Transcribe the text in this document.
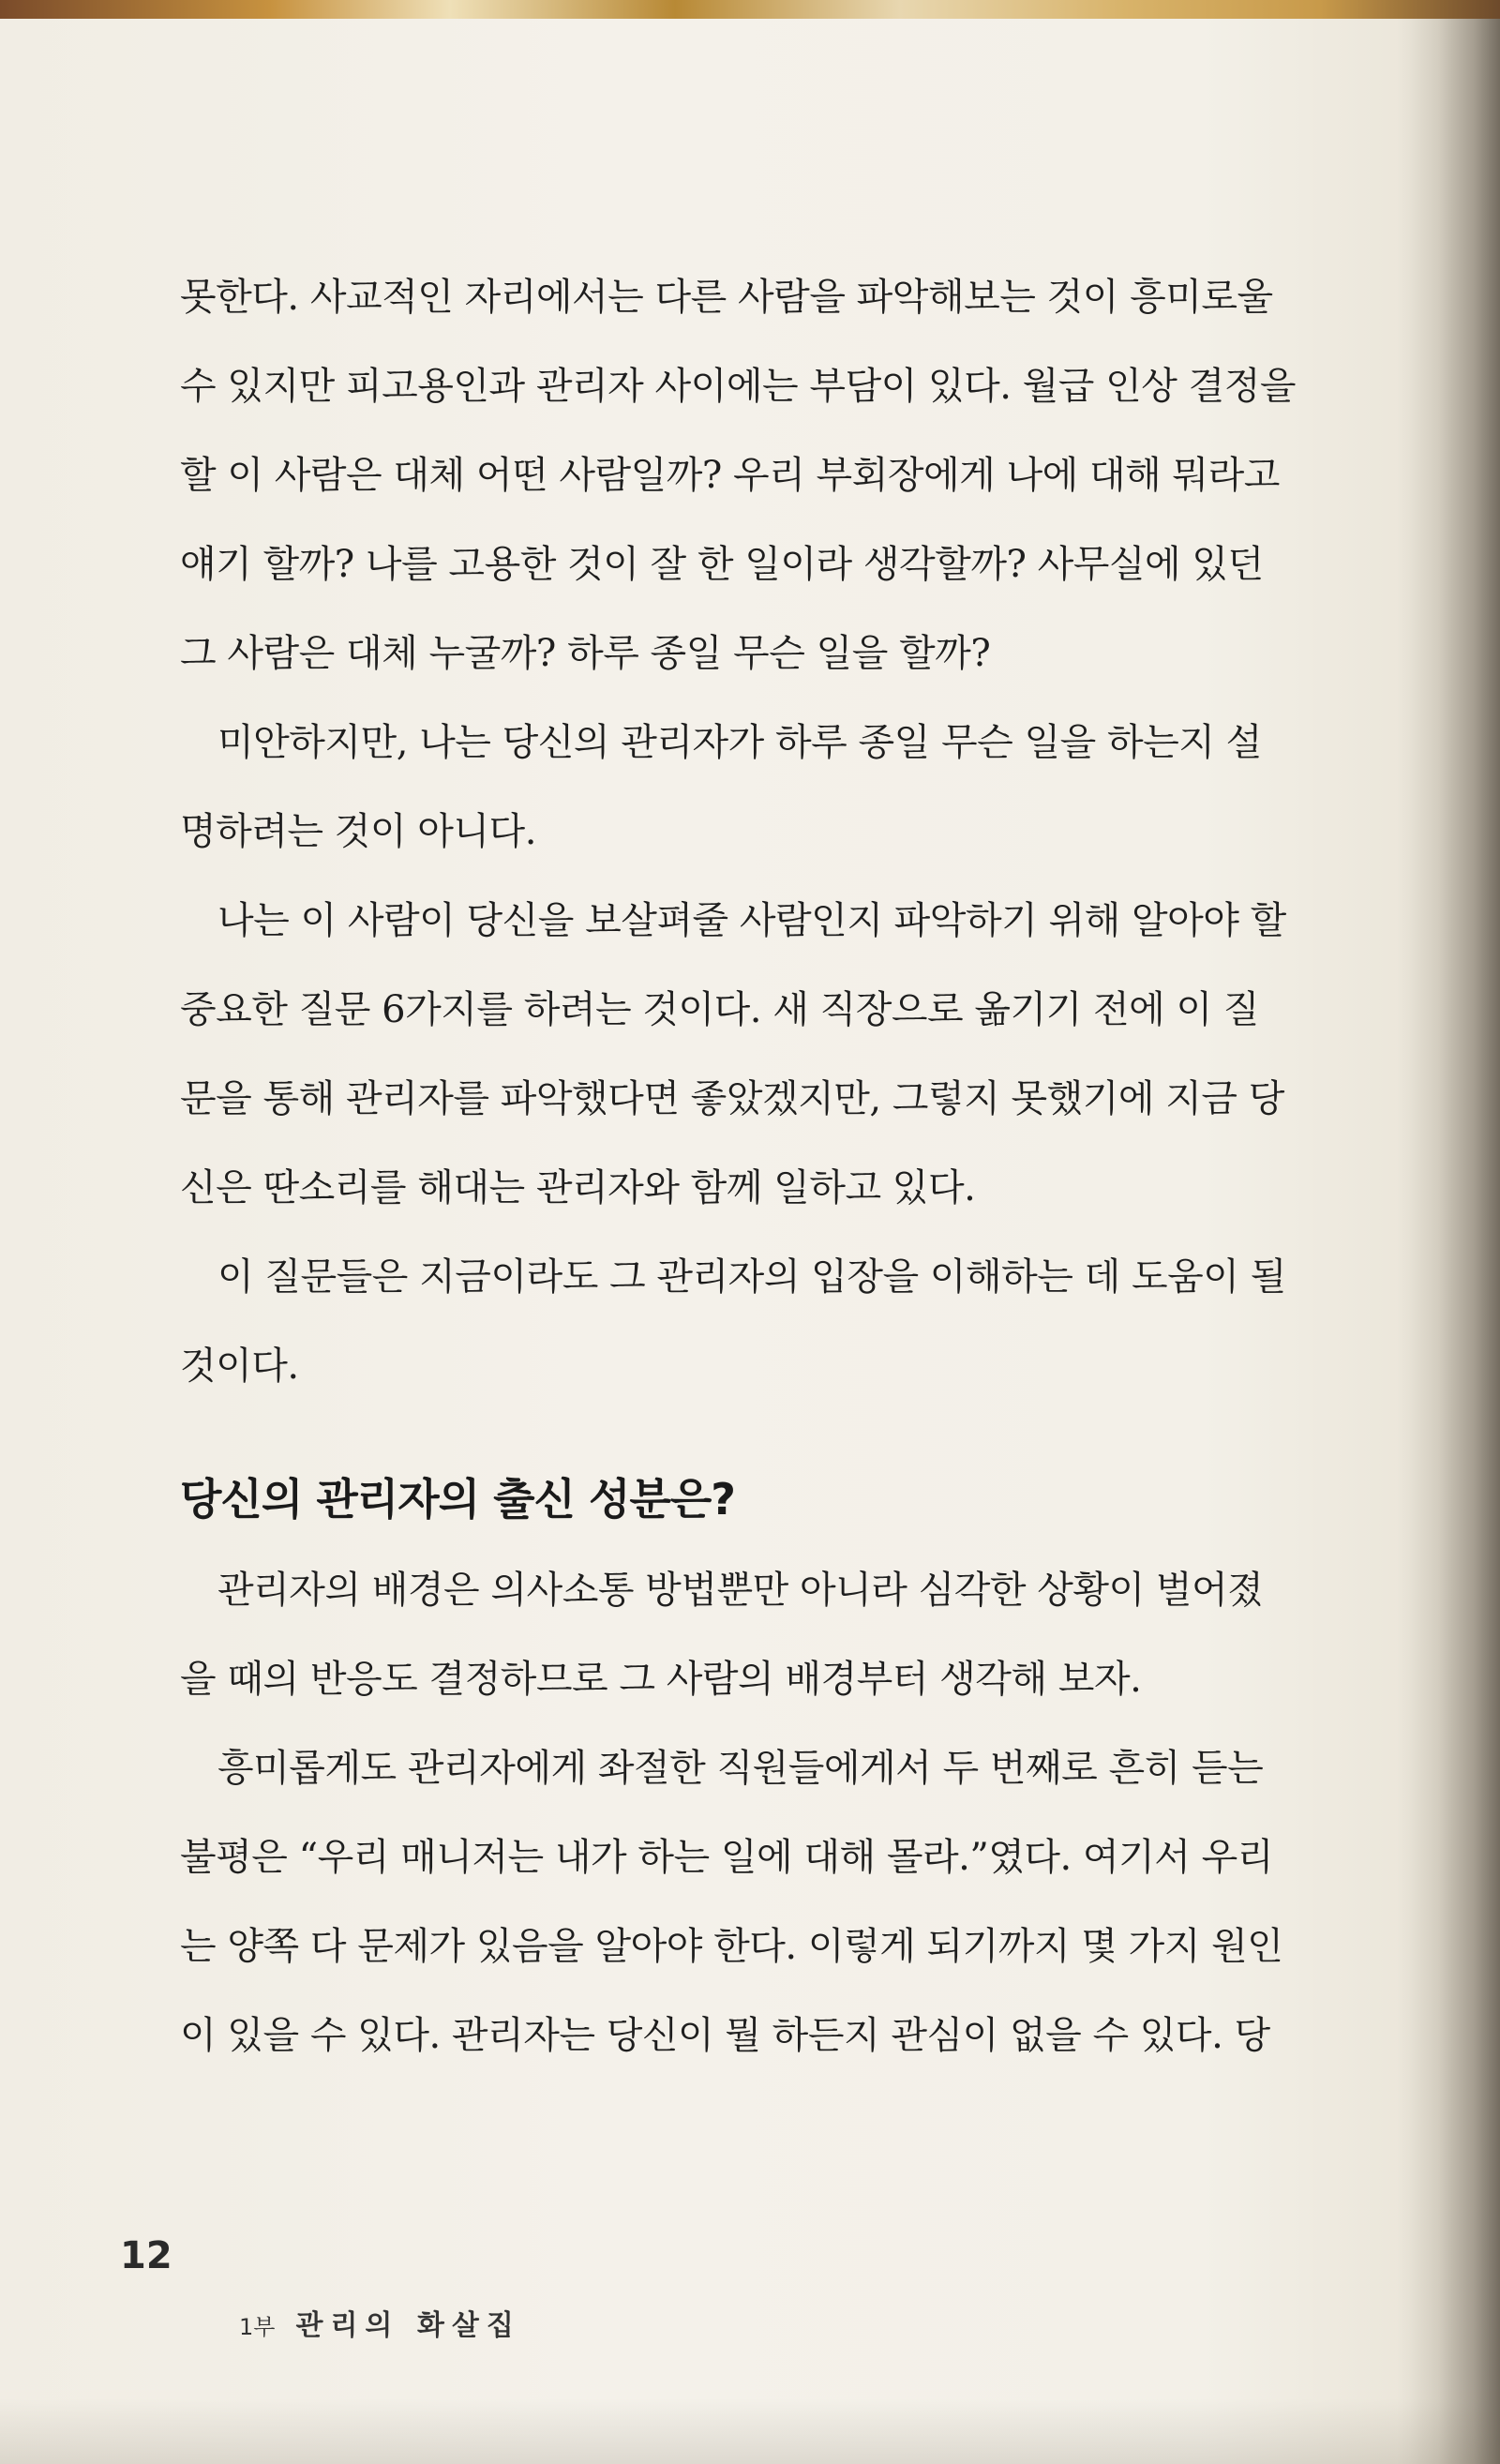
못한다. 사교적인 자리에서는 다른 사람을 파악해보는 것이 흥미로울
수 있지만 피고용인과 관리자 사이에는 부담이 있다. 월급 인상 결정을
할 이 사람은 대체 어떤 사람일까? 우리 부회장에게 나에 대해 뭐라고
얘기 할까? 나를 고용한 것이 잘 한 일이라 생각할까? 사무실에 있던
그 사람은 대체 누굴까? 하루 종일 무슨 일을 할까?
미안하지만, 나는 당신의 관리자가 하루 종일 무슨 일을 하는지 설
명하려는 것이 아니다.
나는 이 사람이 당신을 보살펴줄 사람인지 파악하기 위해 알아야 할
중요한 질문 6가지를 하려는 것이다. 새 직장으로 옮기기 전에 이 질
문을 통해 관리자를 파악했다면 좋았겠지만, 그렇지 못했기에 지금 당
신은 딴소리를 해대는 관리자와 함께 일하고 있다.
이 질문들은 지금이라도 그 관리자의 입장을 이해하는 데 도움이 될
것이다.
당신의 관리자의 출신 성분은?
관리자의 배경은 의사소통 방법뿐만 아니라 심각한 상황이 벌어졌
을 때의 반응도 결정하므로 그 사람의 배경부터 생각해 보자.
흥미롭게도 관리자에게 좌절한 직원들에게서 두 번째로 흔히 듣는
불평은 “우리 매니저는 내가 하는 일에 대해 몰라.”였다. 여기서 우리
는 양쪽 다 문제가 있음을 알아야 한다. 이렇게 되기까지 몇 가지 원인
이 있을 수 있다. 관리자는 당신이 뭘 하든지 관심이 없을 수 있다. 당
12
1부 관리의 화살집
